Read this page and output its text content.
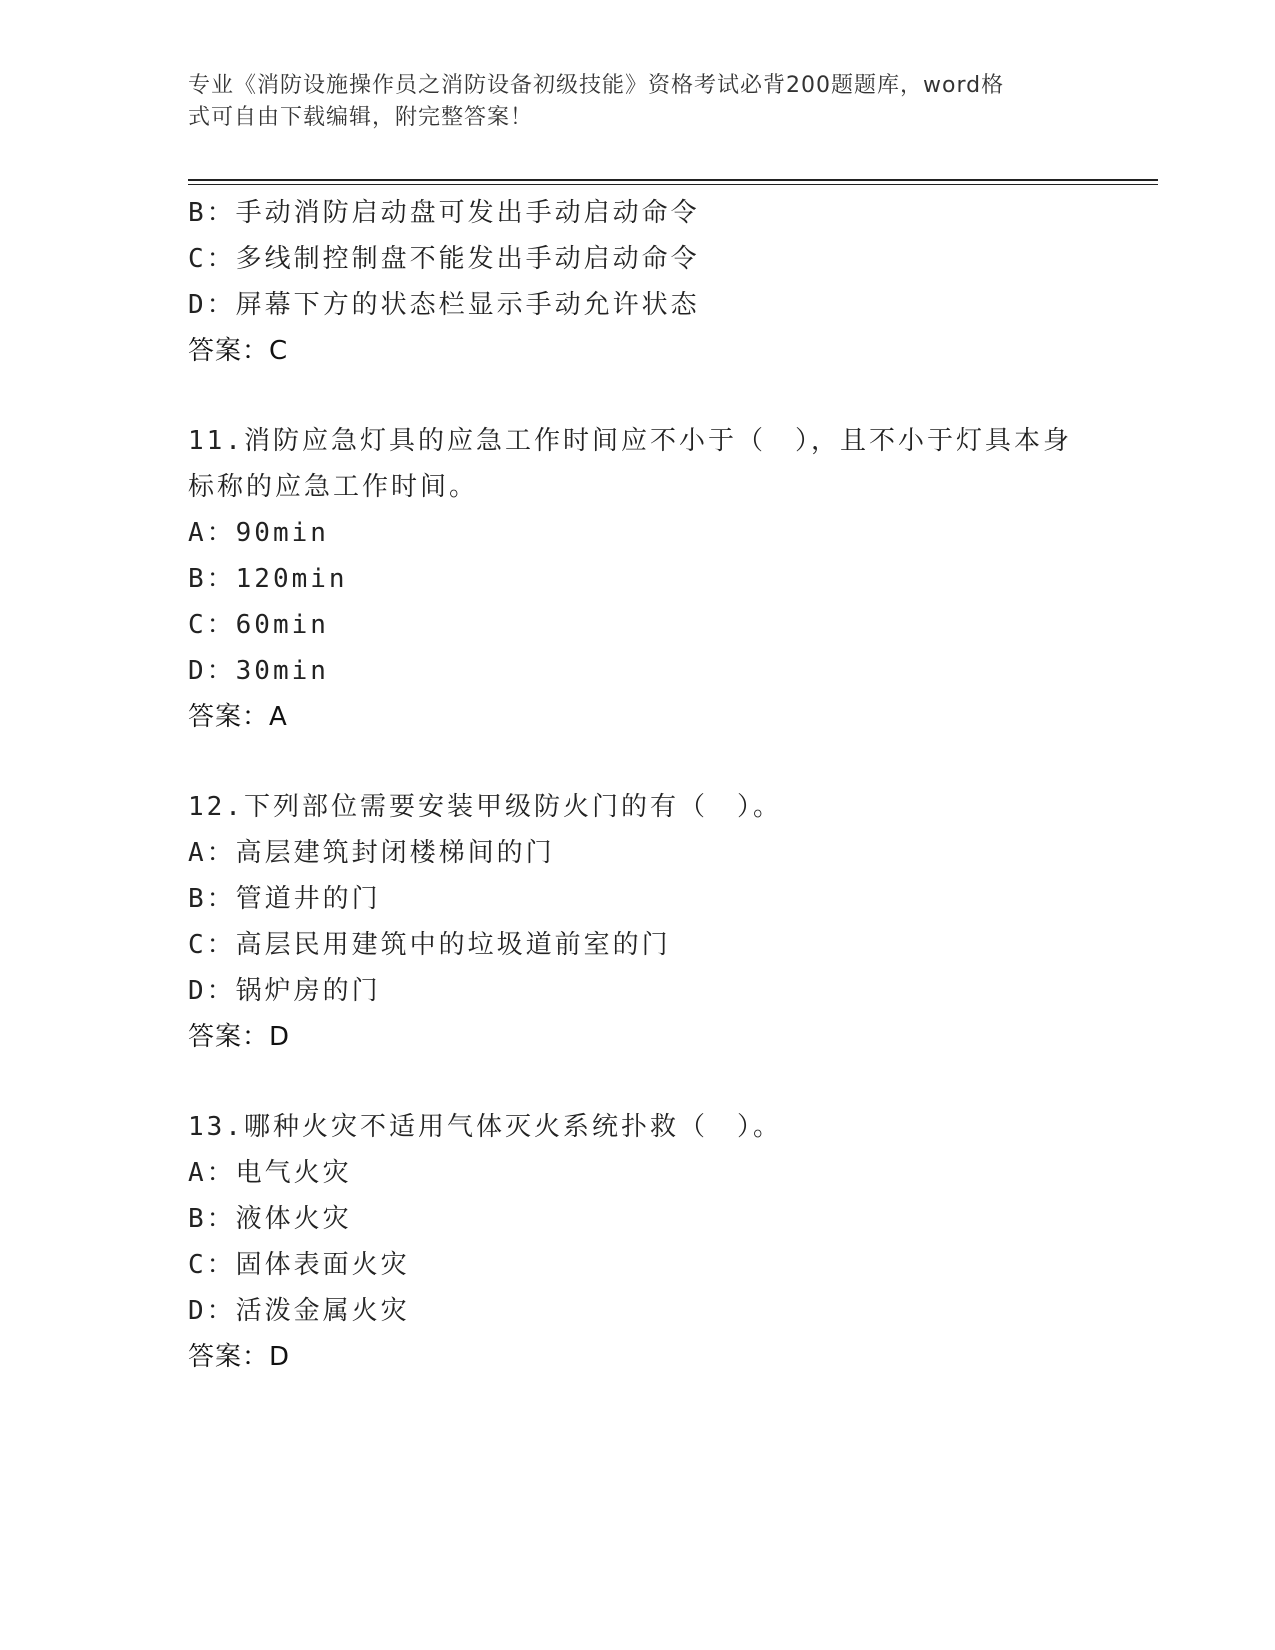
专业《消防设施操作员之消防设备初级技能》资格考试必背200题题库，word格
式可自由下载编辑，附完整答案！
B：手动消防启动盘可发出手动启动命令
C：多线制控制盘不能发出手动启动命令
D：屏幕下方的状态栏显示手动允许状态
答案：C
11.消防应急灯具的应急工作时间应不小于（　），且不小于灯具本身
标称的应急工作时间。
A：90min
B：120min
C：60min
D：30min
答案：A
12.下列部位需要安装甲级防火门的有（　）。
A：高层建筑封闭楼梯间的门
B：管道井的门
C：高层民用建筑中的垃圾道前室的门
D：锅炉房的门
答案：D
13.哪种火灾不适用气体灭火系统扑救（　）。
A：电气火灾
B：液体火灾
C：固体表面火灾
D：活泼金属火灾
答案：D
